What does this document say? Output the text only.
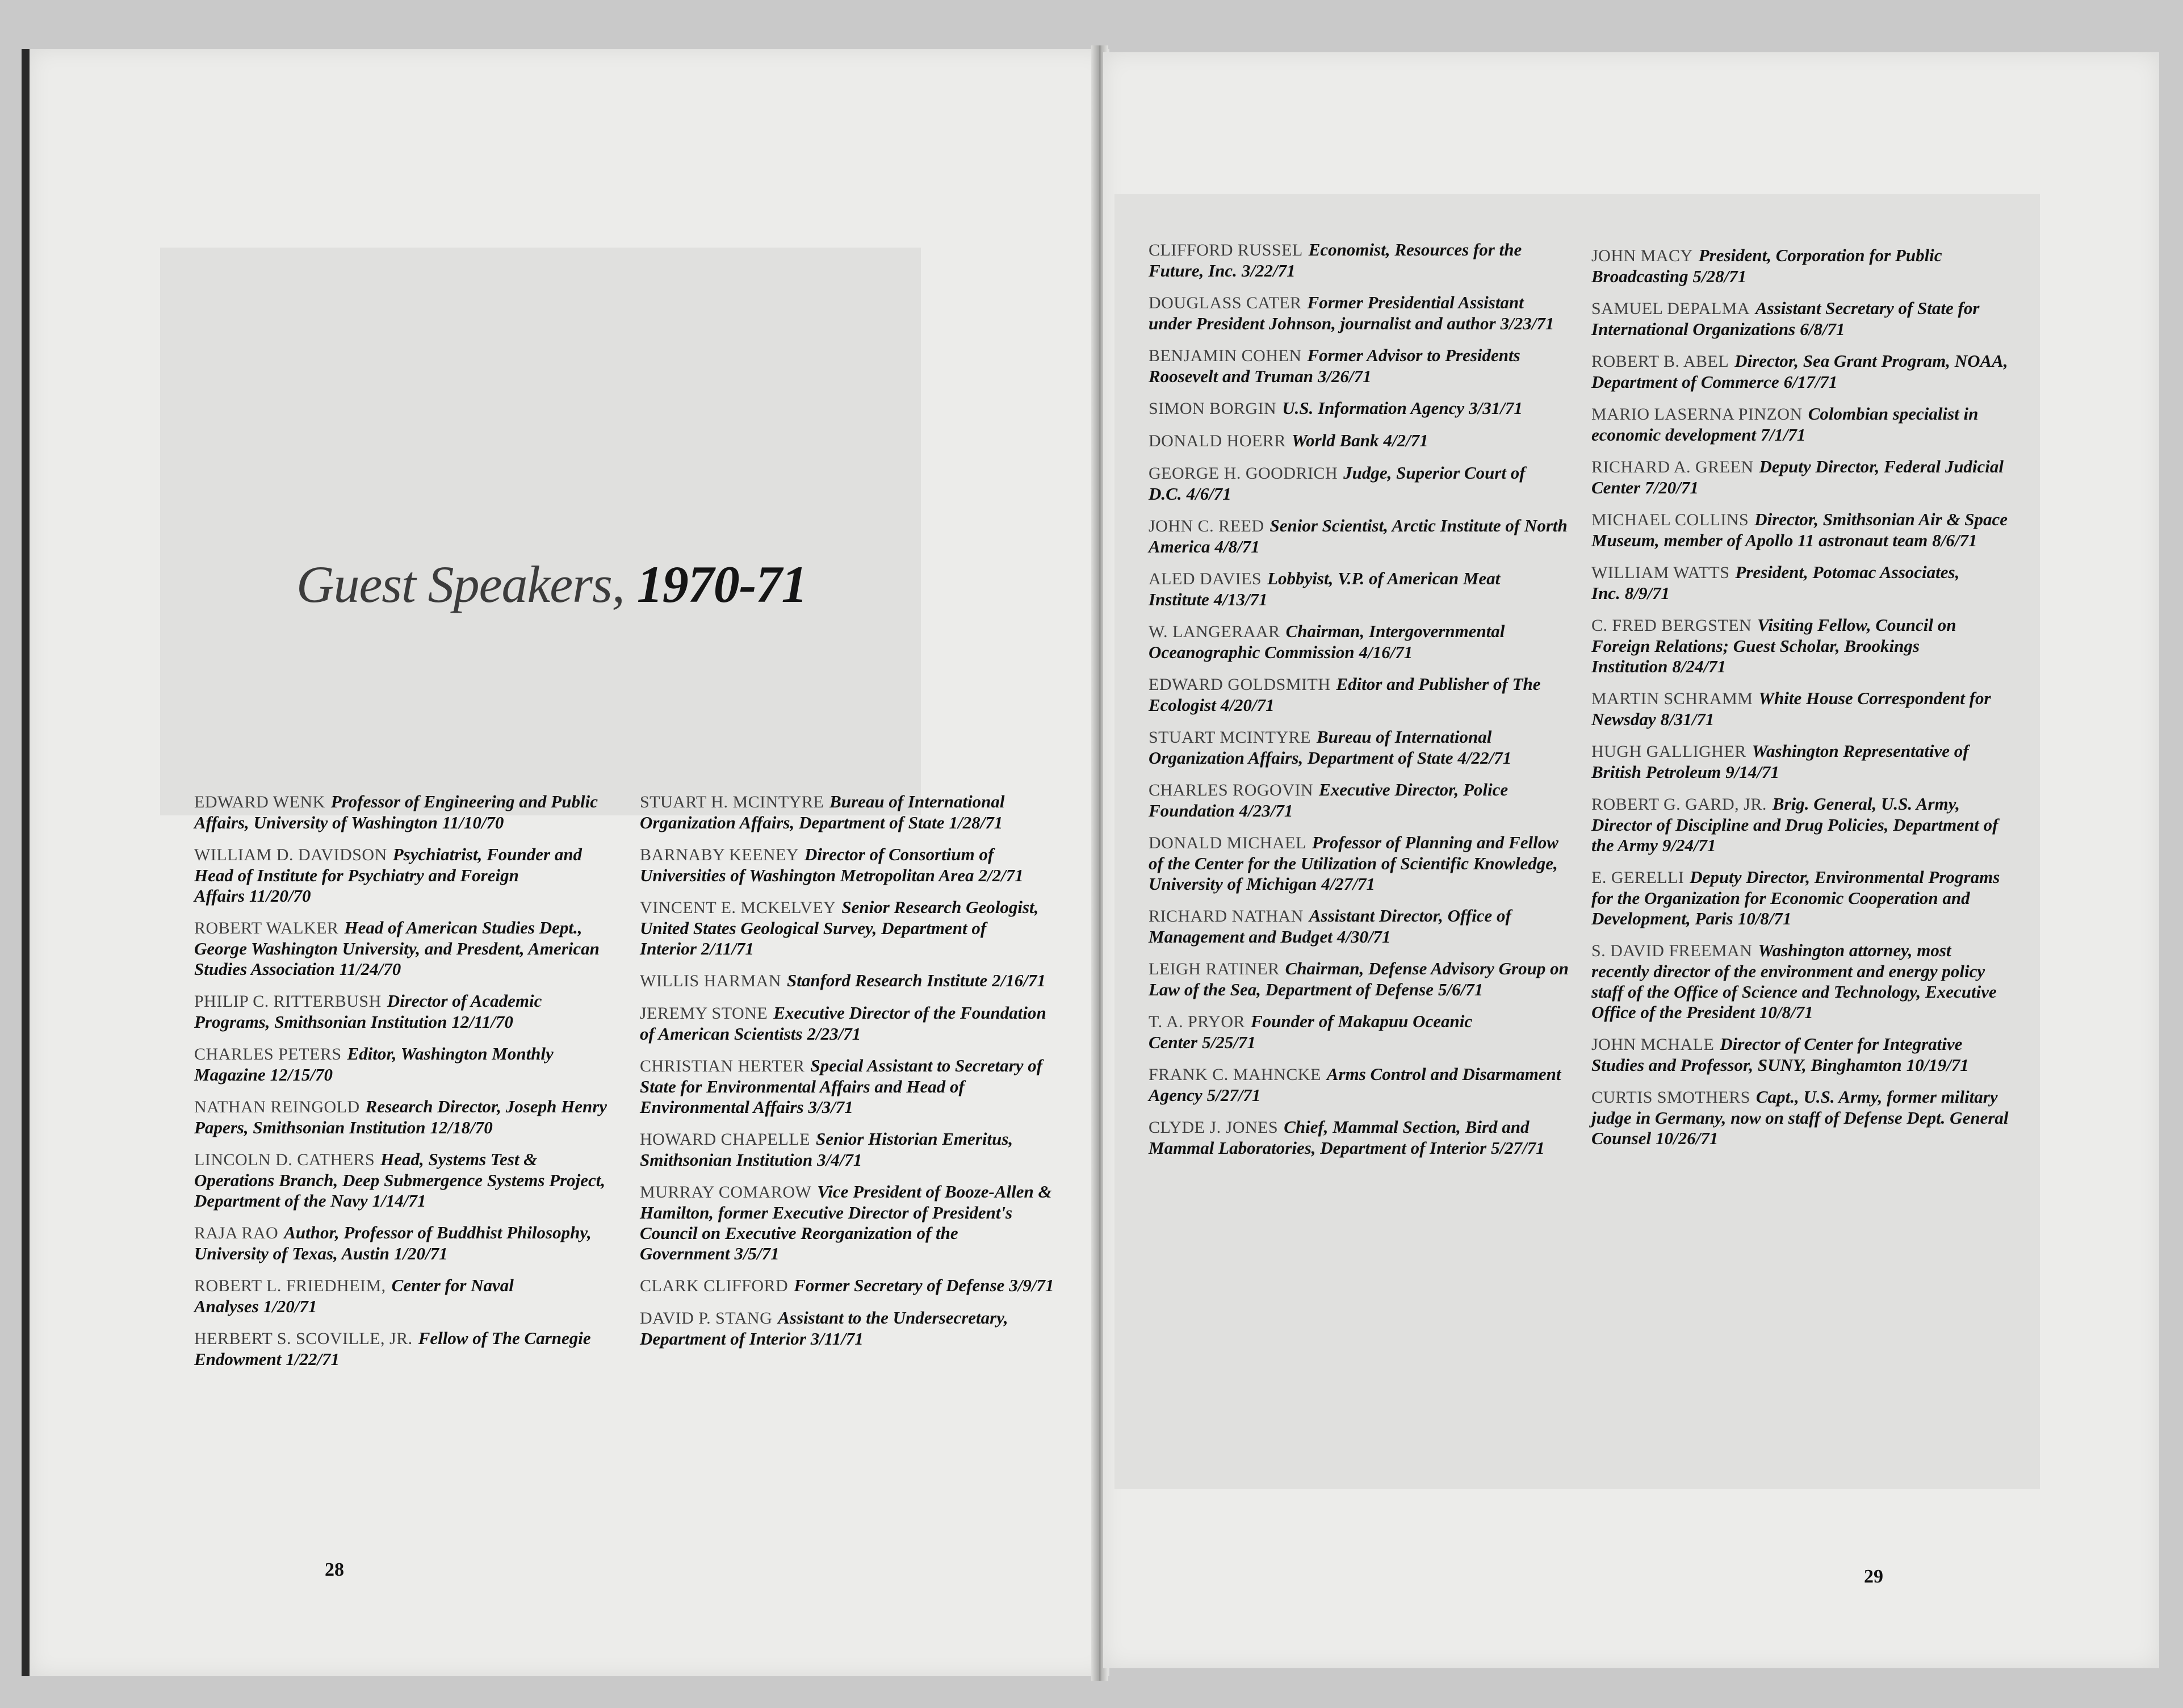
Guest Speakers, 1970-71
EDWARD WENK Professor of Engineering and Public Affairs, University of Washington 11/10/70
WILLIAM D. DAVIDSON Psychiatrist, Founder and Head of Institute for Psychiatry and Foreign Affairs 11/20/70
ROBERT WALKER Head of American Studies Dept., George Washington University, and Presdent, American Studies Association 11/24/70
PHILIP C. RITTERBUSH Director of Academic Programs, Smithsonian Institution 12/11/70
CHARLES PETERS Editor, Washington Monthly Magazine 12/15/70
NATHAN REINGOLD Research Director, Joseph Henry Papers, Smithsonian Institution 12/18/70
LINCOLN D. CATHERS Head, Systems Test & Operations Branch, Deep Submergence Systems Project, Department of the Navy 1/14/71
RAJA RAO Author, Professor of Buddhist Philosophy, University of Texas, Austin 1/20/71
ROBERT L. FRIEDHEIM, Center for Naval Analyses 1/20/71
HERBERT S. SCOVILLE, JR. Fellow of The Carnegie Endowment 1/22/71
STUART H. MCINTYRE Bureau of International Organization Affairs, Department of State 1/28/71
BARNABY KEENEY Director of Consortium of Universities of Washington Metropolitan Area 2/2/71
VINCENT E. MCKELVEY Senior Research Geologist, United States Geological Survey, Department of Interior 2/11/71
WILLIS HARMAN Stanford Research Institute 2/16/71
JEREMY STONE Executive Director of the Foundation of American Scientists 2/23/71
CHRISTIAN HERTER Special Assistant to Secretary of State for Environmental Affairs and Head of Environmental Affairs 3/3/71
HOWARD CHAPELLE Senior Historian Emeritus, Smithsonian Institution 3/4/71
MURRAY COMAROW Vice President of Booze-Allen & Hamilton, former Executive Director of President's Council on Executive Reorganization of the Government 3/5/71
CLARK CLIFFORD Former Secretary of Defense 3/9/71
DAVID P. STANG Assistant to the Undersecretary, Department of Interior 3/11/71
28
CLIFFORD RUSSEL Economist, Resources for the Future, Inc. 3/22/71
DOUGLASS CATER Former Presidential Assistant under President Johnson, journalist and author 3/23/71
BENJAMIN COHEN Former Advisor to Presidents Roosevelt and Truman 3/26/71
SIMON BORGIN U.S. Information Agency 3/31/71
DONALD HOERR World Bank 4/2/71
GEORGE H. GOODRICH Judge, Superior Court of D.C. 4/6/71
JOHN C. REED Senior Scientist, Arctic Institute of North America 4/8/71
ALED DAVIES Lobbyist, V.P. of American Meat Institute 4/13/71
W. LANGERAAR Chairman, Intergovernmental Oceanographic Commission 4/16/71
EDWARD GOLDSMITH Editor and Publisher of The Ecologist 4/20/71
STUART MCINTYRE Bureau of International Organization Affairs, Department of State 4/22/71
CHARLES ROGOVIN Executive Director, Police Foundation 4/23/71
DONALD MICHAEL Professor of Planning and Fellow of the Center for the Utilization of Scientific Knowledge, University of Michigan 4/27/71
RICHARD NATHAN Assistant Director, Office of Management and Budget 4/30/71
LEIGH RATINER Chairman, Defense Advisory Group on Law of the Sea, Department of Defense 5/6/71
T. A. PRYOR Founder of Makapuu Oceanic Center 5/25/71
FRANK C. MAHNCKE Arms Control and Disarmament Agency 5/27/71
CLYDE J. JONES Chief, Mammal Section, Bird and Mammal Laboratories, Department of Interior 5/27/71
JOHN MACY President, Corporation for Public Broadcasting 5/28/71
SAMUEL DEPALMA Assistant Secretary of State for International Organizations 6/8/71
ROBERT B. ABEL Director, Sea Grant Program, NOAA, Department of Commerce 6/17/71
MARIO LASERNA PINZON Colombian specialist in economic development 7/1/71
RICHARD A. GREEN Deputy Director, Federal Judicial Center 7/20/71
MICHAEL COLLINS Director, Smithsonian Air & Space Museum, member of Apollo 11 astronaut team 8/6/71
WILLIAM WATTS President, Potomac Associates, Inc. 8/9/71
C. FRED BERGSTEN Visiting Fellow, Council on Foreign Relations; Guest Scholar, Brookings Institution 8/24/71
MARTIN SCHRAMM White House Correspondent for Newsday 8/31/71
HUGH GALLIGHER Washington Representative of British Petroleum 9/14/71
ROBERT G. GARD, JR. Brig. General, U.S. Army, Director of Discipline and Drug Policies, Department of the Army 9/24/71
E. GERELLI Deputy Director, Environmental Programs for the Organization for Economic Cooperation and Development, Paris 10/8/71
S. DAVID FREEMAN Washington attorney, most recently director of the environment and energy policy staff of the Office of Science and Technology, Executive Office of the President 10/8/71
JOHN MCHALE Director of Center for Integrative Studies and Professor, SUNY, Binghamton 10/19/71
CURTIS SMOTHERS Capt., U.S. Army, former military judge in Germany, now on staff of Defense Dept. General Counsel 10/26/71
29
